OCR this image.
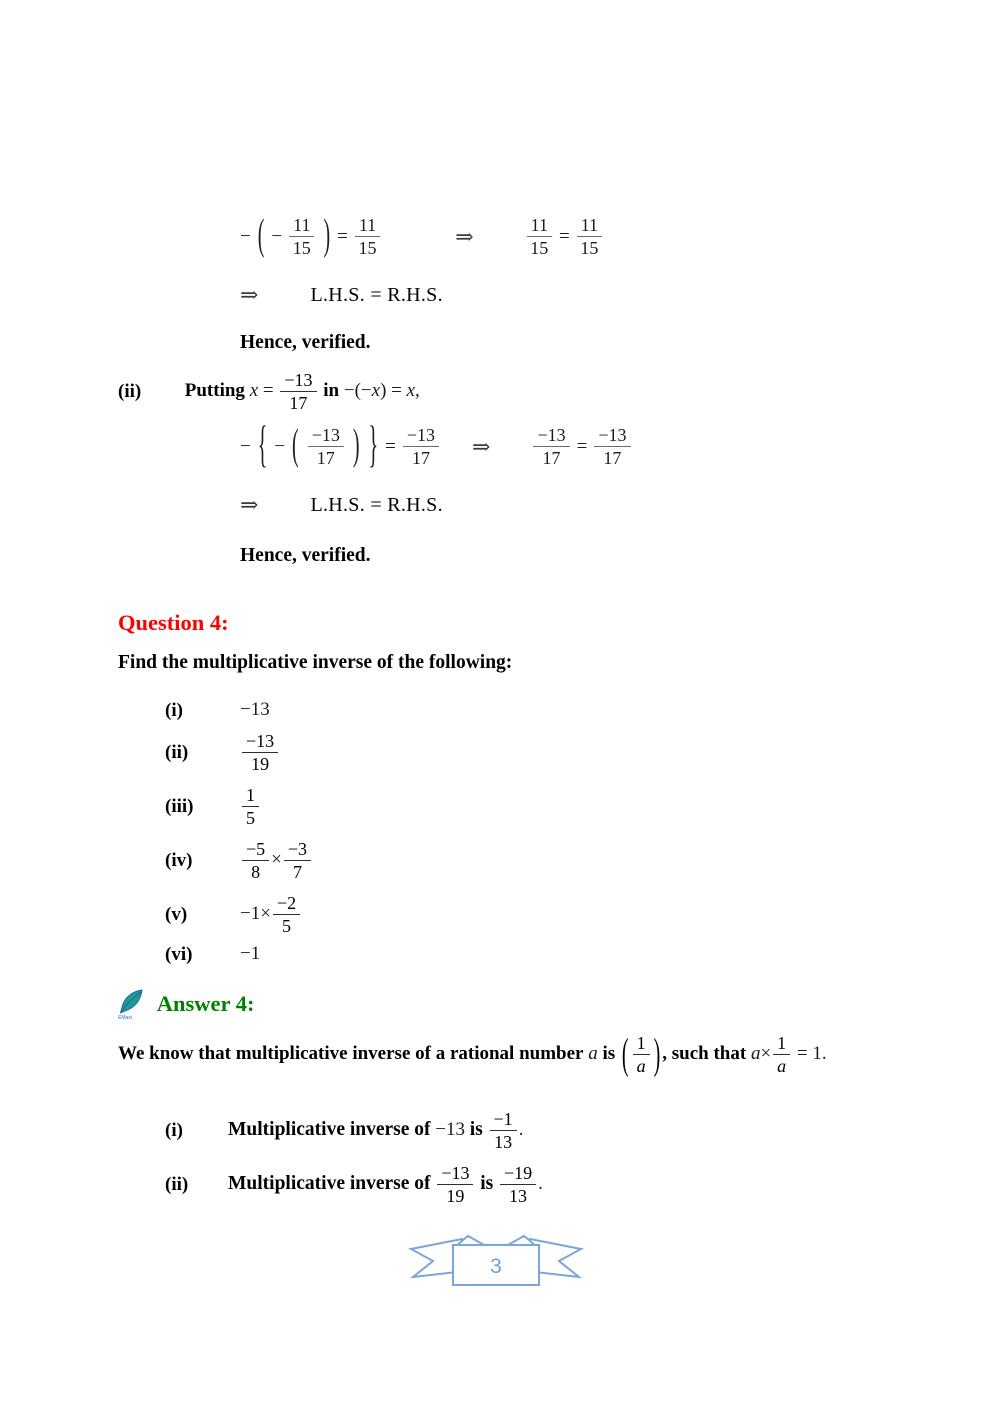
− ( − $\frac{11}{15}$ ) = $\frac{11}{15}$	⇒	$\frac{11}{15} = \frac{11}{15}$
⇒	L.H.S. = R.H.S.
Hence, verified.
(ii) Putting $x = \frac{-13}{17}$ in −(−x) = x,
− { − ( $\frac{-13}{17}$ ) } = $\frac{-13}{17}$ ⇒ $\frac{-13}{17} = \frac{-13}{17}$
⇒	L.H.S. = R.H.S.
Hence, verified.
Question 4:
Find the multiplicative inverse of the following:
(i)	−13
(ii)	$\frac{-13}{19}$
(iii)	$\frac{1}{5}$
(iv)	$\frac{-5}{8} \times \frac{-3}{7}$
(v)	$-1\times \frac{-2}{5}$
(vi)	−1
EMaxi
Answer 4:
We know that multiplicative inverse of a rational number a is ( $\frac{1}{a}$ ) , such that $a\times \frac{1}{a} = 1$.
(i) Multiplicative inverse of −13 is $\frac{-1}{13}$ .
(ii) Multiplicative inverse of $\frac{-13}{19}$ is $\frac{-19}{13}$ .
3
